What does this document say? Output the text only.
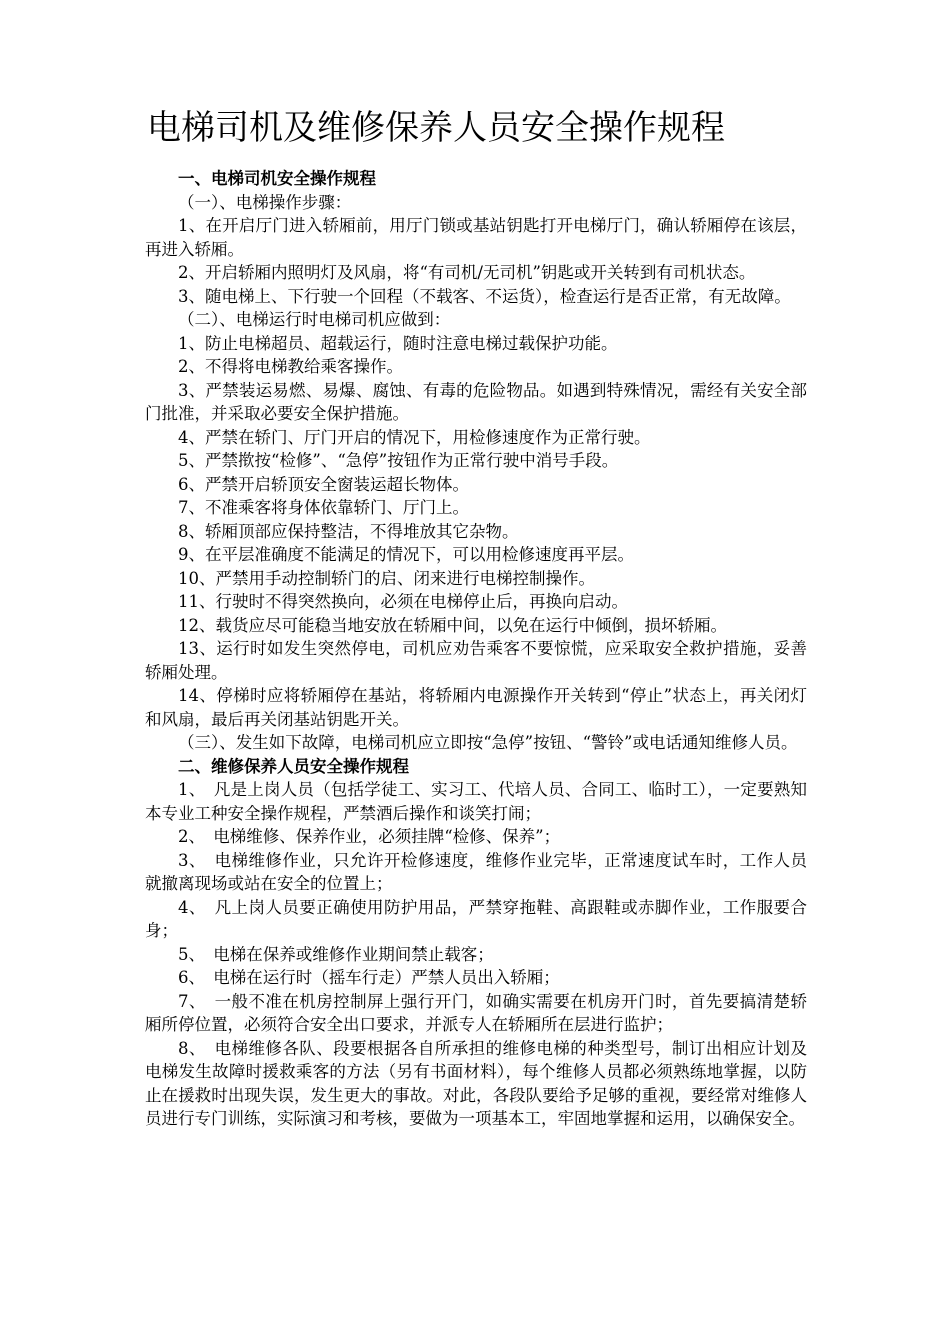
电梯司机及维修保养人员安全操作规程

一、电梯司机安全操作规程

（一）、电梯操作步骤：

1、在开启厅门进入轿厢前，用厅门锁或基站钥匙打开电梯厅门，确认轿厢停在该层，再进入轿厢。

2、开启轿厢内照明灯及风扇，将“有司机/无司机”钥匙或开关转到有司机状态。

3、随电梯上、下行驶一个回程（不载客、不运货），检查运行是否正常，有无故障。

（二）、电梯运行时电梯司机应做到：

1、防止电梯超员、超载运行，随时注意电梯过载保护功能。

2、不得将电梯教给乘客操作。

3、严禁装运易燃、易爆、腐蚀、有毒的危险物品。如遇到特殊情况，需经有关安全部门批准，并采取必要安全保护措施。

4、严禁在轿门、厅门开启的情况下，用检修速度作为正常行驶。

5、严禁揿按“检修”、“急停”按钮作为正常行驶中消号手段。

6、严禁开启轿顶安全窗装运超长物体。

7、不准乘客将身体依靠轿门、厅门上。

8、轿厢顶部应保持整洁，不得堆放其它杂物。

9、在平层准确度不能满足的情况下，可以用检修速度再平层。

10、严禁用手动控制轿门的启、闭来进行电梯控制操作。

11、行驶时不得突然换向，必须在电梯停止后，再换向启动。

12、载货应尽可能稳当地安放在轿厢中间，以免在运行中倾倒，损坏轿厢。

13、运行时如发生突然停电，司机应劝告乘客不要惊慌，应采取安全救护措施，妥善轿厢处理。

14、停梯时应将轿厢停在基站，将轿厢内电源操作开关转到“停止”状态上，再关闭灯和风扇，最后再关闭基站钥匙开关。

（三）、发生如下故障，电梯司机应立即按“急停”按钮、“警铃”或电话通知维修人员。

二、维修保养人员安全操作规程

1、　凡是上岗人员（包括学徒工、实习工、代培人员、合同工、临时工），一定要熟知本专业工种安全操作规程，严禁酒后操作和谈笑打闹；

2、　电梯维修、保养作业，必须挂牌“检修、保养”；

3、　电梯维修作业，只允许开检修速度，维修作业完毕，正常速度试车时，工作人员就撤离现场或站在安全的位置上；

4、　凡上岗人员要正确使用防护用品，严禁穿拖鞋、高跟鞋或赤脚作业，工作服要合身；

5、　电梯在保养或维修作业期间禁止载客；

6、　电梯在运行时（摇车行走）严禁人员出入轿厢；

7、　一般不准在机房控制屏上强行开门，如确实需要在机房开门时，首先要搞清楚轿厢所停位置，必须符合安全出口要求，并派专人在轿厢所在层进行监护；

8、　电梯维修各队、段要根据各自所承担的维修电梯的种类型号，制订出相应计划及电梯发生故障时援救乘客的方法（另有书面材料），每个维修人员都必须熟练地掌握，以防止在援救时出现失误，发生更大的事故。对此，各段队要给予足够的重视，要经常对维修人员进行专门训练，实际演习和考核，要做为一项基本工，牢固地掌握和运用，以确保安全。
